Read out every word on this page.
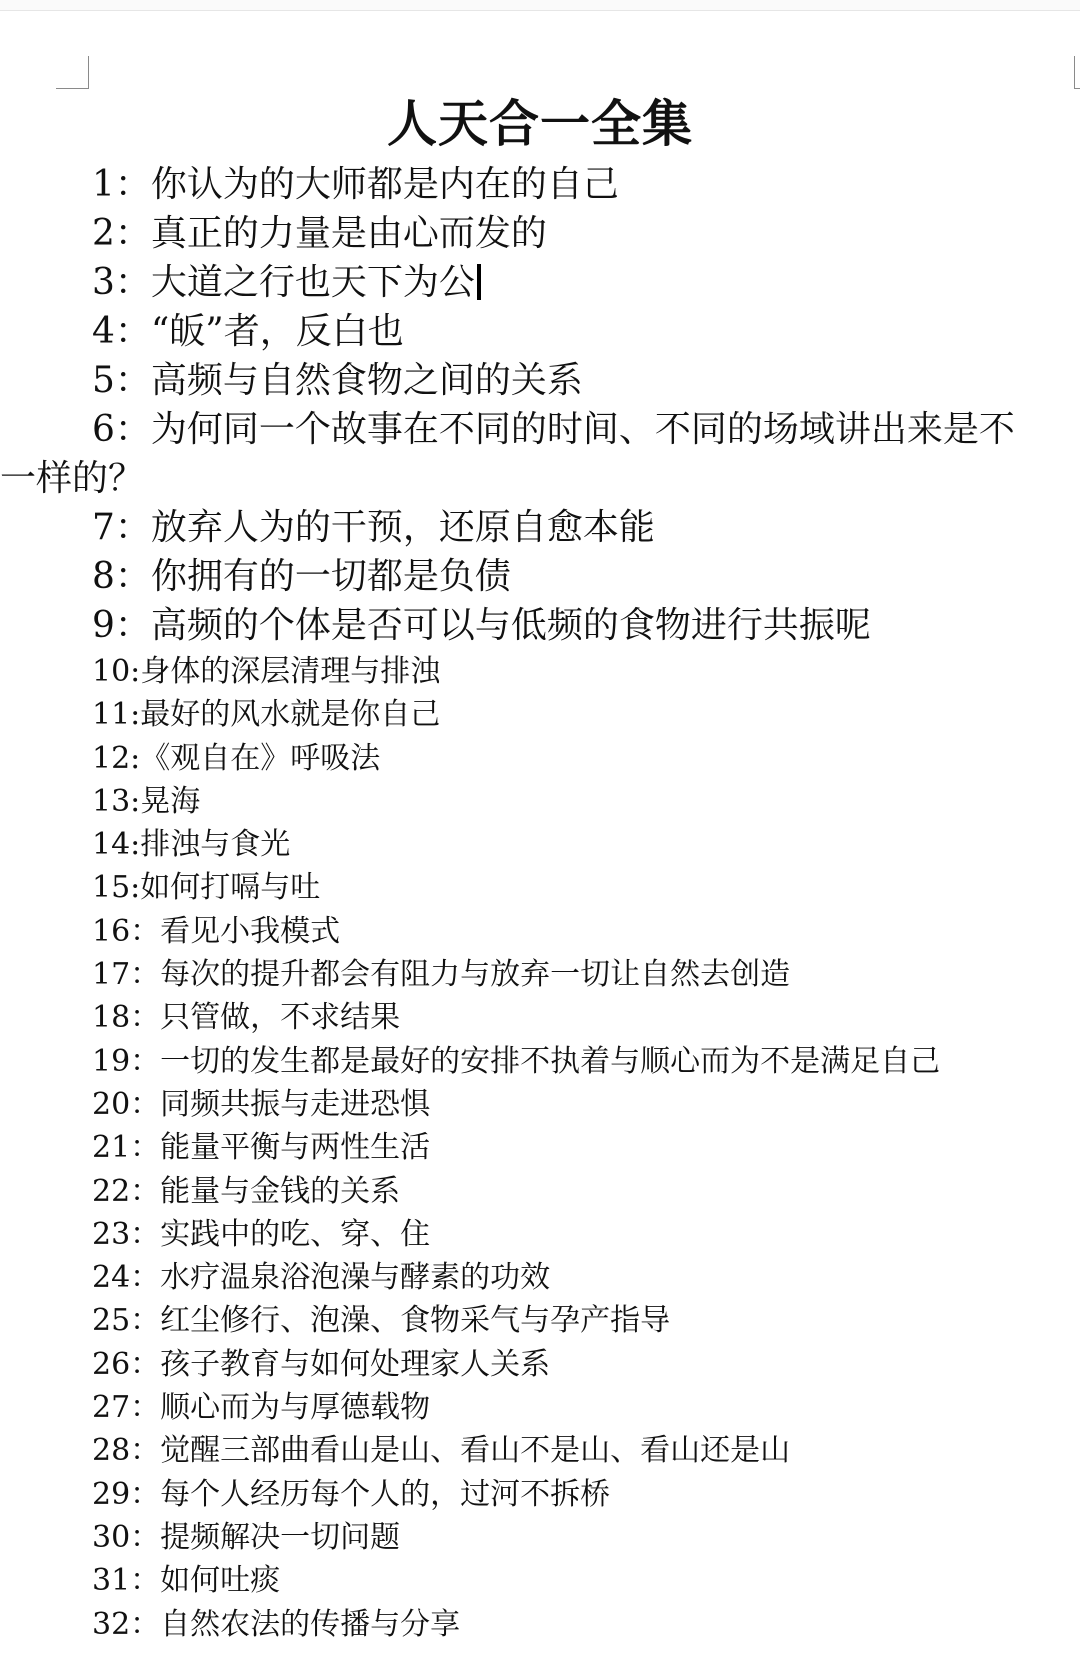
人天合一全集
1：你认为的大师都是内在的自己
2：真正的力量是由心而发的
3：大道之行也天下为公
4：“皈”者，反白也
5：高频与自然食物之间的关系
6：为何同一个故事在不同的时间、不同的场域讲出来是不
一样的？
7：放弃人为的干预，还原自愈本能
8：你拥有的一切都是负债
9：高频的个体是否可以与低频的食物进行共振呢
10:身体的深层清理与排浊
11:最好的风水就是你自己
12:《观自在》呼吸法
13:晃海
14:排浊与食光
15:如何打嗝与吐
16：看见小我模式
17：每次的提升都会有阻力与放弃一切让自然去创造
18：只管做，不求结果
19：一切的发生都是最好的安排不执着与顺心而为不是满足自己
20：同频共振与走进恐惧
21：能量平衡与两性生活
22：能量与金钱的关系
23：实践中的吃、穿、住
24：水疗温泉浴泡澡与酵素的功效
25：红尘修行、泡澡、食物采气与孕产指导
26：孩子教育与如何处理家人关系
27：顺心而为与厚德载物
28：觉醒三部曲看山是山、看山不是山、看山还是山
29：每个人经历每个人的，过河不拆桥
30：提频解决一切问题
31：如何吐痰
32：自然农法的传播与分享
